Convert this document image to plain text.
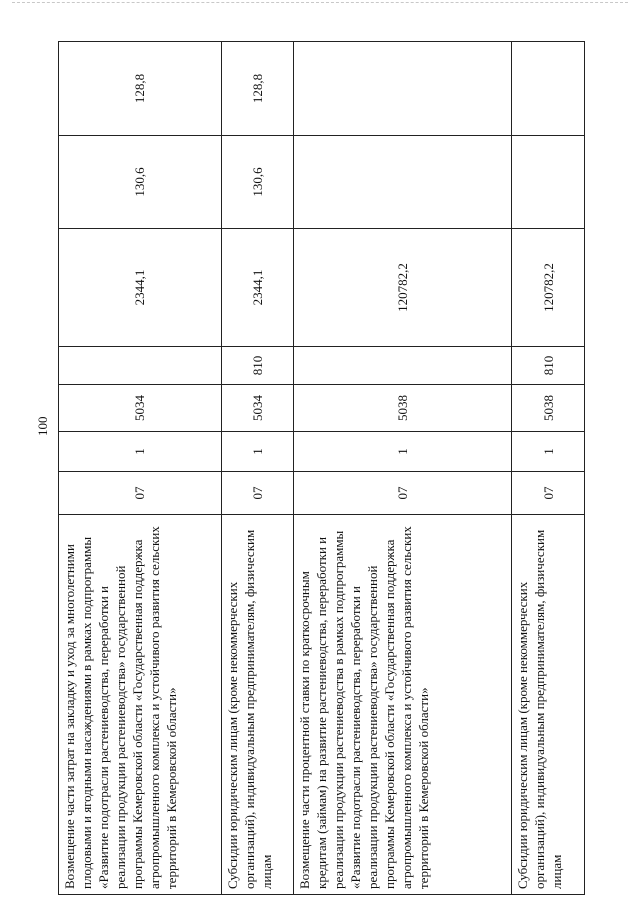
100
Возмещение части затрат на закладку и уход за многолетними плодовыми и ягодными насаждениями в рамках подпрограммы «Развитие подотрасли растениеводства, переработки и реализации продукции растениеводства» государственной программы Кемеровской области «Государственная поддержка агропромышленного комплекса и устойчивого развития сельских территорий в Кемеровской области»	07	1	5034		2344,1	130,6	128,8
Субсидии юридическим лицам (кроме некоммерческих организаций), индивидуальным предпринимателям, физическим лицам	07	1	5034	810	2344,1	130,6	128,8
Возмещение части процентной ставки по краткосрочным кредитам (займам) на развитие растениеводства, переработки и реализации продукции растениеводства в рамках подпрограммы «Развитие подотрасли растениеводства, переработки и реализации продукции растениеводства» государственной программы Кемеровской области «Государственная поддержка агропромышленного комплекса и устойчивого развития сельских территорий в Кемеровской области»	07	1	5038		120782,2		
Субсидии юридическим лицам (кроме некоммерческих организаций), индивидуальным предпринимателям, физическим лицам	07	1	5038	810	120782,2		
